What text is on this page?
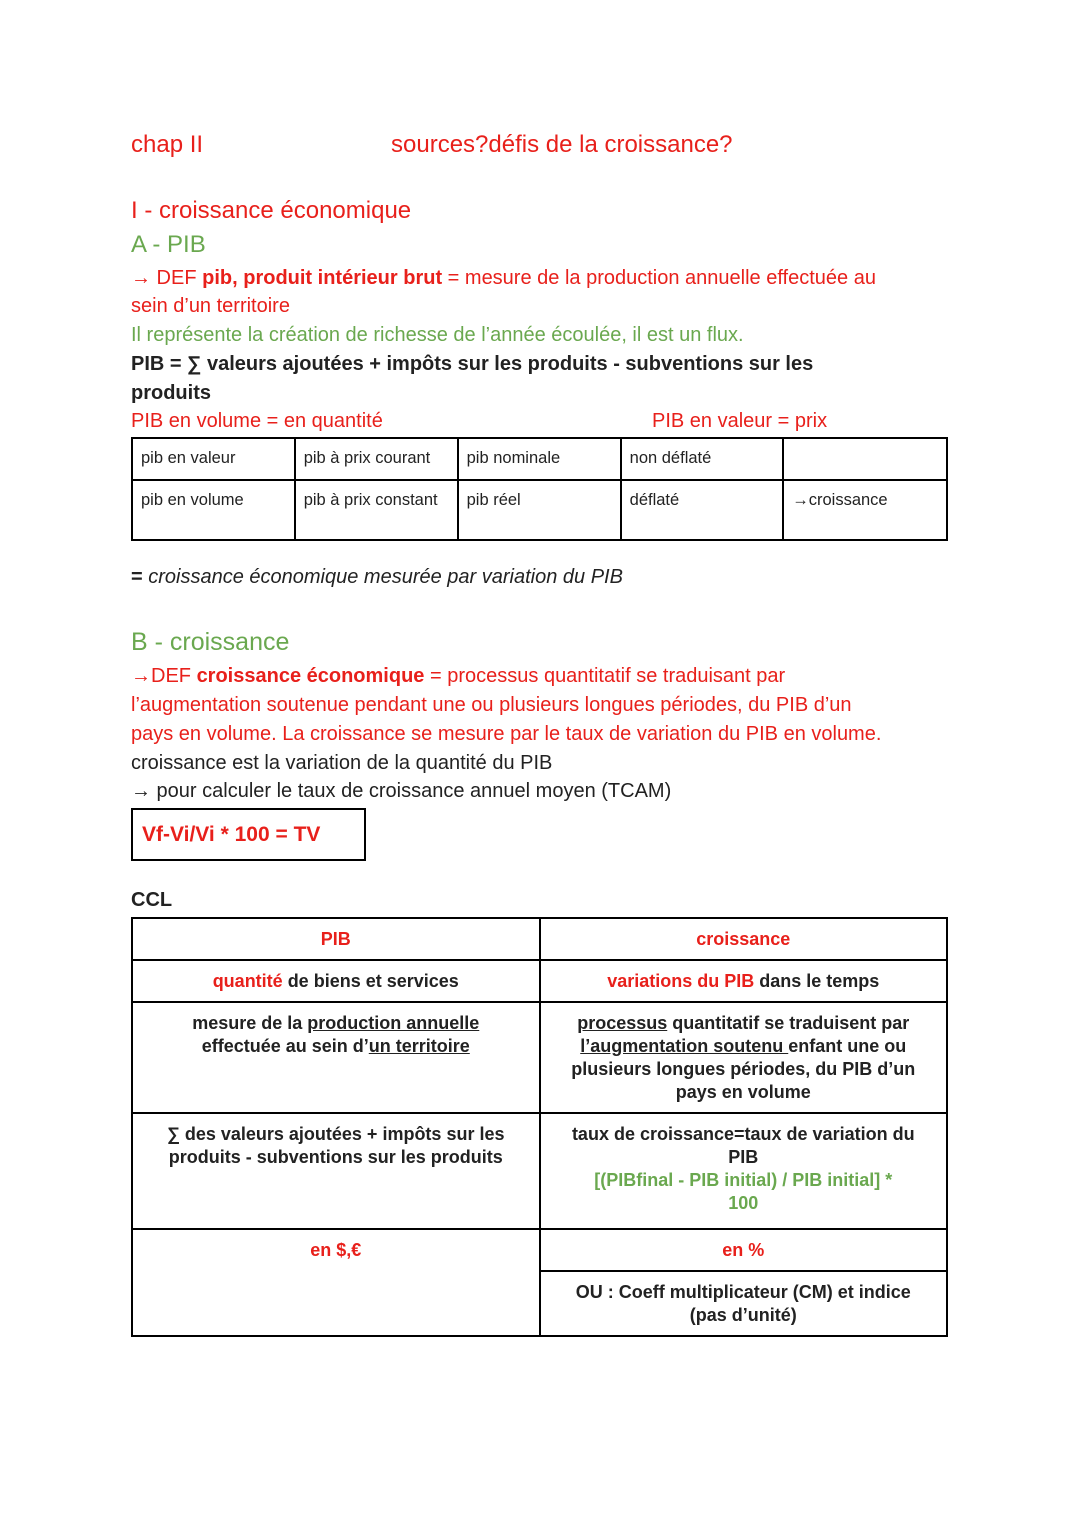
chap II	sources?défis de la croissance?
I - croissance économique
A - PIB
→ DEF pib, produit intérieur brut = mesure de la production annuelle effectuée au
sein d’un territoire
Il représente la création de richesse de l’année écoulée, il est un flux.
PIB = ∑ valeurs ajoutées + impôts sur les produits - subventions sur les
produits
PIB en volume = en quantité	PIB en valeur = prix
pib en valeur	pib à prix courant	pib nominale	non déflaté	
pib en volume	pib à prix constant	pib réel	déflaté	→croissance
= croissance économique mesurée par variation du PIB
B - croissance
→DEF croissance économique = processus quantitatif se traduisant par
l’augmentation soutenue pendant une ou plusieurs longues périodes, du PIB d’un
pays en volume. La croissance se mesure par le taux de variation du PIB en volume.
croissance est la variation de la quantité du PIB
→ pour calculer le taux de croissance annuel moyen (TCAM)
Vf-Vi/Vi * 100 = TV
CCL
PIB	croissance
quantité de biens et services	variations du PIB dans le temps
mesure de la production annuelle
effectuée au sein d’un territoire	processus quantitatif se traduisent par
l’augmentation soutenu enfant une ou
plusieurs longues périodes, du PIB d’un
pays en volume
∑ des valeurs ajoutées + impôts sur les
produits - subventions sur les produits	taux de croissance=taux de variation du
PIB
[(PIBfinal - PIB initial) / PIB initial] *
100
en $,€	en %
	OU : Coeff multiplicateur (CM) et indice
(pas d’unité)
